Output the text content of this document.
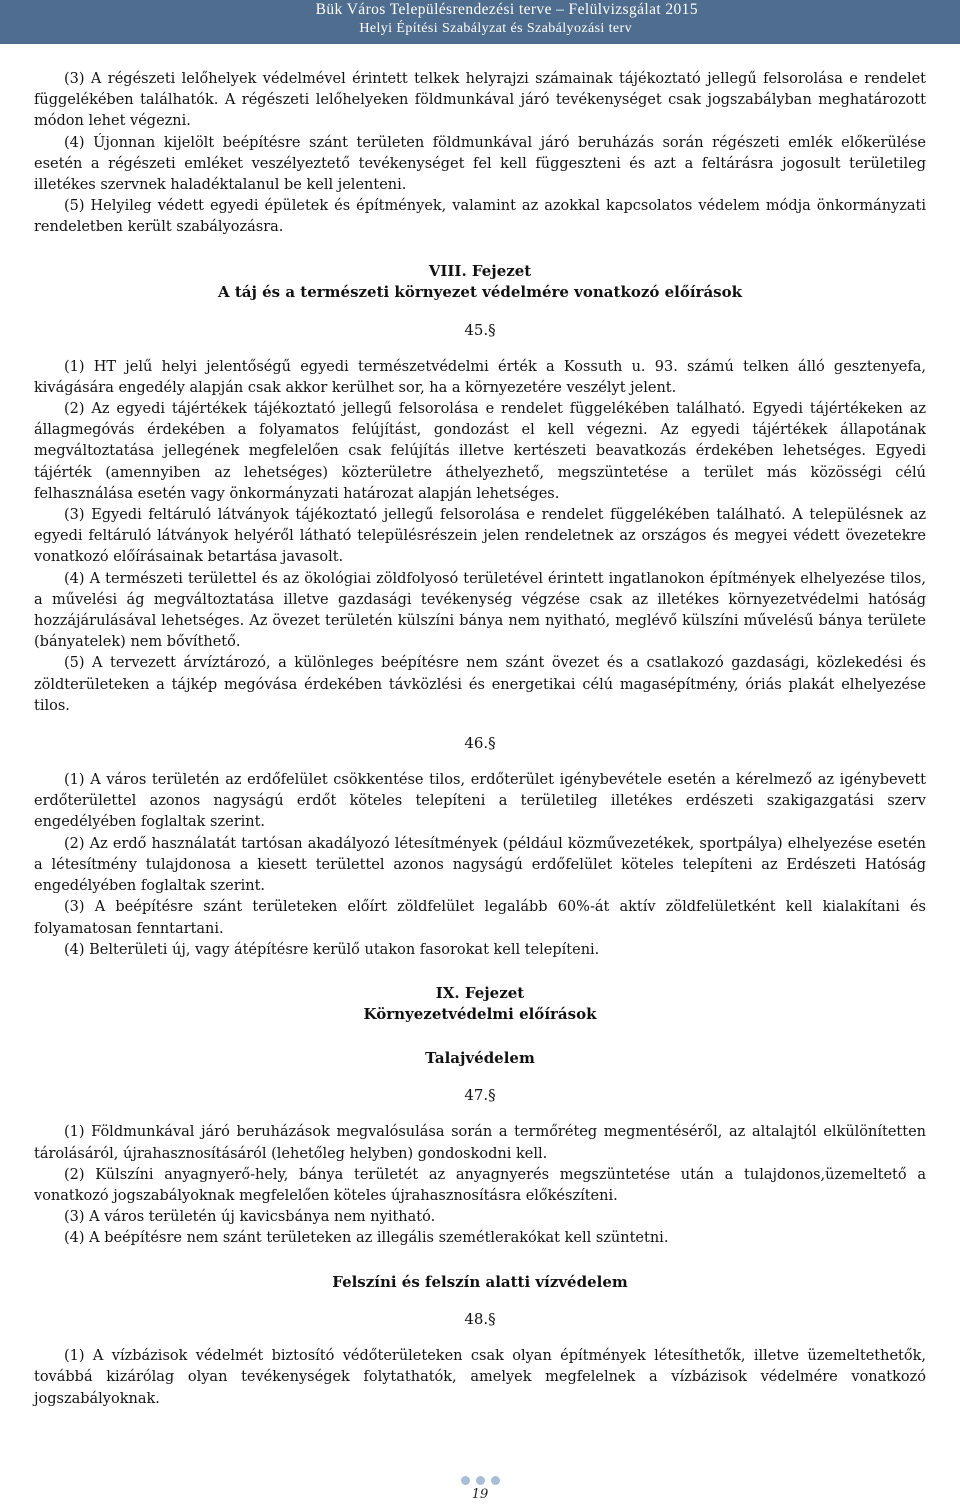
Bük Város Településrendezési terve – Felülvizsgálat 2015
Helyi Építési Szabályzat és Szabályozási terv

(3) A régészeti lelőhelyek védelmével érintett telkek helyrajzi számainak tájékoztató jellegű felsorolása e rendelet függelékében találhatók. A régészeti lelőhelyeken földmunkával járó tevékenységet csak jogszabályban meghatározott módon lehet végezni.

(4) Újonnan kijelölt beépítésre szánt területen földmunkával járó beruházás során régészeti emlék előkerülése esetén a régészeti emléket veszélyeztető tevékenységet fel kell függeszteni és azt a feltárásra jogosult területileg illetékes szervnek haladéktalanul be kell jelenteni.

(5) Helyileg védett egyedi épületek és építmények, valamint az azokkal kapcsolatos védelem módja önkormányzati rendeletben került szabályozásra.

VIII. Fejezet
A táj és a természeti környezet védelmére vonatkozó előírások
45.§

(1) HT jelű helyi jelentőségű egyedi természetvédelmi érték a Kossuth u. 93. számú telken álló gesztenyefa, kivágására engedély alapján csak akkor kerülhet sor, ha a környezetére veszélyt jelent.

(2) Az egyedi tájértékek tájékoztató jellegű felsorolása e rendelet függelékében található. Egyedi tájértékeken az állagmegóvás érdekében a folyamatos felújítást, gondozást el kell végezni. Az egyedi tájértékek állapotának megváltoztatása jellegének megfelelően csak felújítás illetve kertészeti beavatkozás érdekében lehetséges. Egyedi tájérték (amennyiben az lehetséges) közterületre áthelyezhető, megszüntetése a terület más közösségi célú felhasználása esetén vagy önkormányzati határozat alapján lehetséges.

(3) Egyedi feltáruló látványok tájékoztató jellegű felsorolása e rendelet függelékében található. A településnek az egyedi feltáruló látványok helyéről látható településrészein jelen rendeletnek az országos és megyei védett övezetekre vonatkozó előírásainak betartása javasolt.

(4) A természeti területtel és az ökológiai zöldfolyosó területével érintett ingatlanokon építmények elhelyezése tilos, a művelési ág megváltoztatása illetve gazdasági tevékenység végzése csak az illetékes környezetvédelmi hatóság hozzájárulásával lehetséges. Az övezet területén külszíni bánya nem nyitható, meglévő külszíni művelésű bánya területe (bányatelek) nem bővíthető.

(5) A tervezett árvíztározó, a különleges beépítésre nem szánt övezet és a csatlakozó gazdasági, közlekedési és zöldterületeken a tájkép megóvása érdekében távközlési és energetikai célú magasépítmény, óriás plakát elhelyezése tilos.

46.§

(1) A város területén az erdőfelület csökkentése tilos, erdőterület igénybevétele esetén a kérelmező az igénybevett erdőterülettel azonos nagyságú erdőt köteles telepíteni a területileg illetékes erdészeti szakigazgatási szerv engedélyében foglaltak szerint.

(2) Az erdő használatát tartósan akadályozó létesítmények (például közművezetékek, sportpálya) elhelyezése esetén a létesítmény tulajdonosa a kiesett területtel azonos nagyságú erdőfelület köteles telepíteni az Erdészeti Hatóság engedélyében foglaltak szerint.

(3) A beépítésre szánt területeken előírt zöldfelület legalább 60%-át aktív zöldfelületként kell kialakítani és folyamatosan fenntartani.

(4) Belterületi új, vagy átépítésre kerülő utakon fasorokat kell telepíteni.

IX. Fejezet
Környezetvédelmi előírások
Talajvédelem
47.§

(1) Földmunkával járó beruházások megvalósulása során a termőréteg megmentéséről, az altalajtól elkülönítetten tárolásáról, újrahasznosításáról (lehetőleg helyben) gondoskodni kell.

(2) Külszíni anyagnyerő-hely, bánya területét az anyagnyerés megszüntetése után a tulajdonos,üzemeltető a vonatkozó jogszabályoknak megfelelően köteles újrahasznosításra előkészíteni.

(3) A város területén új kavicsbánya nem nyitható.

(4) A beépítésre nem szánt területeken az illegális szemétlerakókat kell szüntetni.

Felszíni és felszín alatti vízvédelem
48.§

(1) A vízbázisok védelmét biztosító védőterületeken csak olyan építmények létesíthetők, illetve üzemeltethetők, továbbá kizárólag olyan tevékenységek folytathatók, amelyek megfelelnek a vízbázisok védelmére vonatkozó jogszabályoknak.

19
